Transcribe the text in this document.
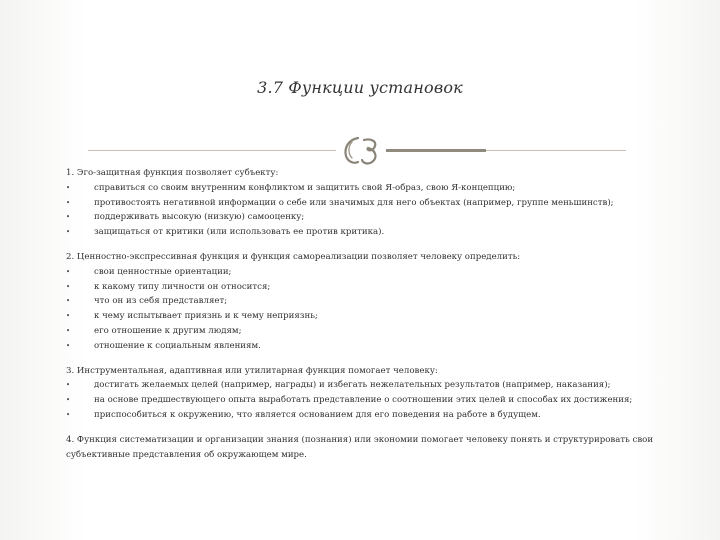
3.7 Функции установок

1. Эго-защитная функция позволяет субъекту:

• справиться со своим внутренним конфликтом и защитить свой Я-образ, свою Я-концепцию;
• противостоять негативной информации о себе или значимых для него объектах (например, группе меньшинств);
• поддерживать высокую (низкую) самооценку;
• защищаться от критики (или использовать ее против критика).

2. Ценностно-экспрессивная функция и функция самореализации позволяет человеку определить:

• свои ценностные ориентации;
• к какому типу личности он относится;
• что он из себя представляет;
• к чему испытывает приязнь и к чему неприязнь;
• его отношение к другим людям;
• отношение к социальным явлениям.

3. Инструментальная, адаптивная или утилитарная функция помогает человеку:

• достигать желаемых целей (например, награды) и избегать нежелательных результатов (например, наказания);
• на основе предшествующего опыта выработать представление о соотношении этих целей и способах их достижения;
• приспособиться к окружению, что является основанием для его поведения на работе в будущем.

4. Функция систематизации и организации знания (познания) или экономии помогает человеку понять и структурировать свои субъективные представления об окружающем мире.
